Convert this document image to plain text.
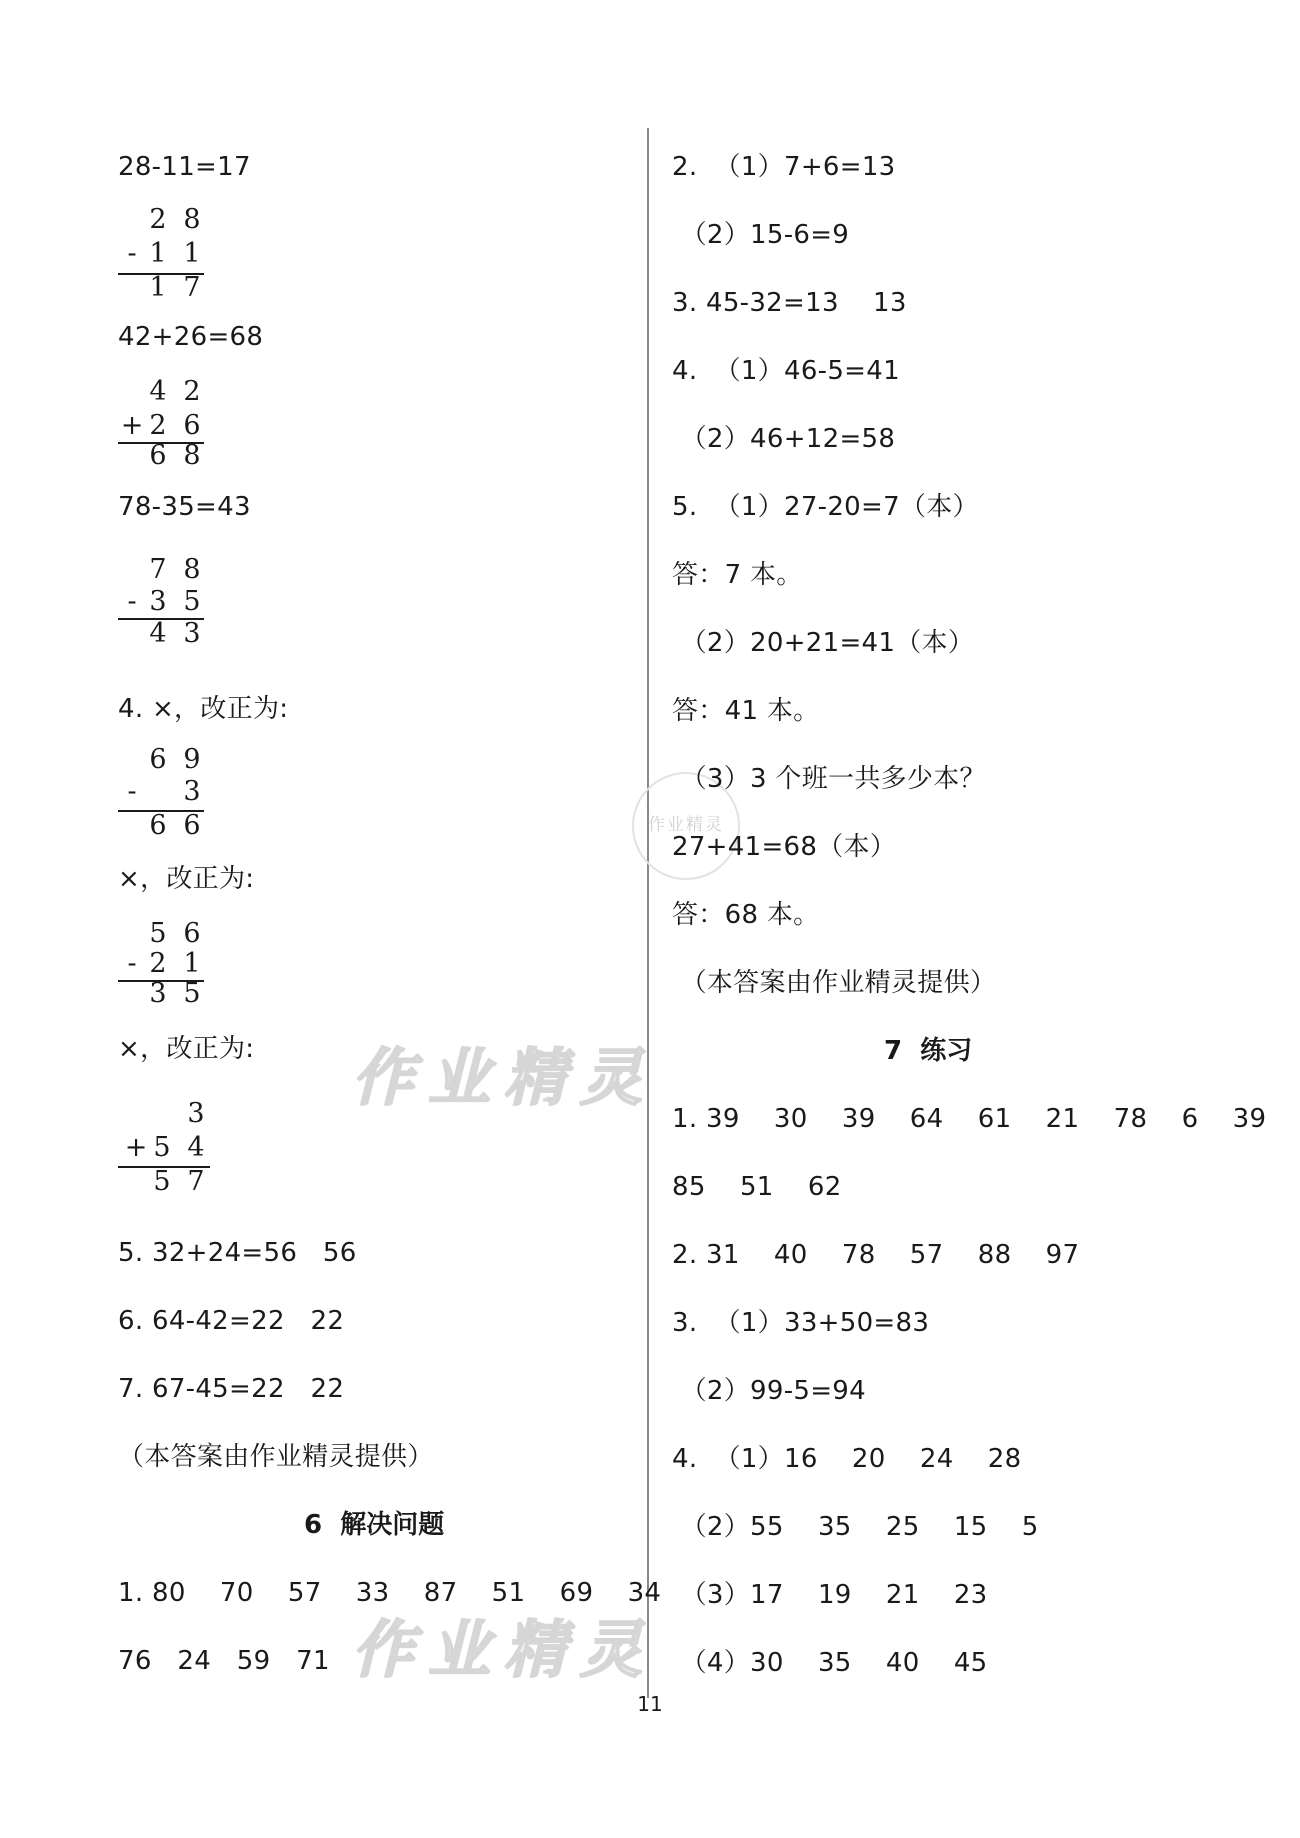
作业精灵
作业精灵
作业精灵
28-11=17
2 8
- 1 1
1 7
42+26=68
4 2
+ 2 6
6 8
78-35=43
7 8
- 3 5
4 3
4. ×，改正为:
6 9
- 3
6 6
×，改正为:
5 6
- 2 1
3 5
×，改正为:
3
+ 5 4
5 7
5. 32+24=56   56
6. 64-42=22   22
7. 67-45=22   22
（本答案由作业精灵提供）
6  解决问题
1. 80    70    57    33    87    51    69    34
76   24   59   71
2.  （1）7+6=13
（2）15-6=9
3. 45-32=13    13
4.  （1）46-5=41
（2）46+12=58
5.  （1）27-20=7（本）
答：7 本。
（2）20+21=41（本）
答：41 本。
（3）3 个班一共多少本？
27+41=68（本）
答：68 本。
（本答案由作业精灵提供）
7  练习
1. 39    30    39    64    61    21    78    6    39
85    51    62
2. 31    40    78    57    88    97
3.  （1）33+50=83
（2）99-5=94
4.  （1）16    20    24    28
（2）55    35    25    15    5
（3）17    19    21    23
（4）30    35    40    45
11
